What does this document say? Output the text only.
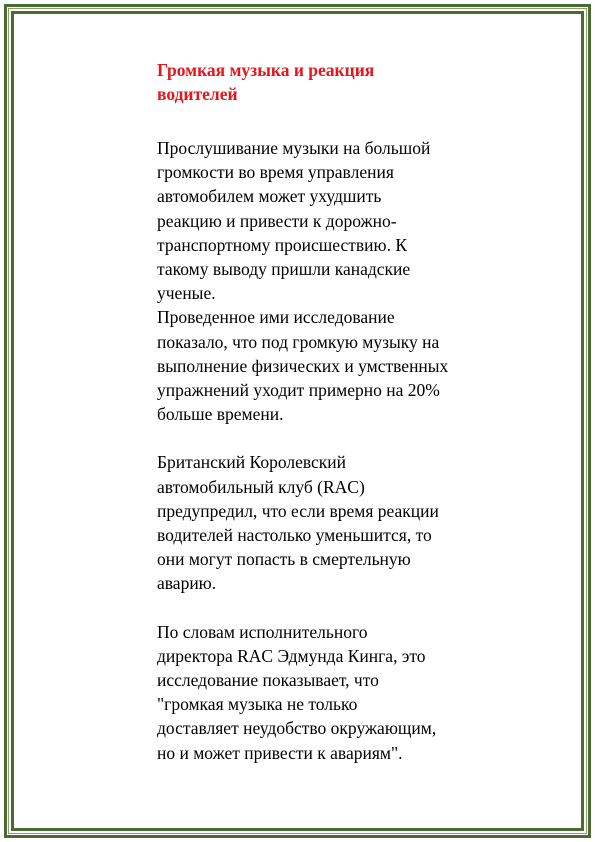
Громкая музыка и реакция
водителей

Прослушивание музыки на большой
громкости во время управления
автомобилем может ухудшить
реакцию и привести к дорожно-
транспортному происшествию. К
такому выводу пришли канадские
ученые.
Проведенное ими исследование
показало, что под громкую музыку на
выполнение физических и умственных
упражнений уходит примерно на 20%
больше времени.

Британский Королевский
автомобильный клуб (RAC)
предупредил, что если время реакции
водителей настолько уменьшится, то
они могут попасть в смертельную
аварию.

По словам исполнительного
директора RAC Эдмунда Кинга, это
исследование показывает, что
"громкая музыка не только
доставляет неудобство окружающим,
но и может привести к авариям".
